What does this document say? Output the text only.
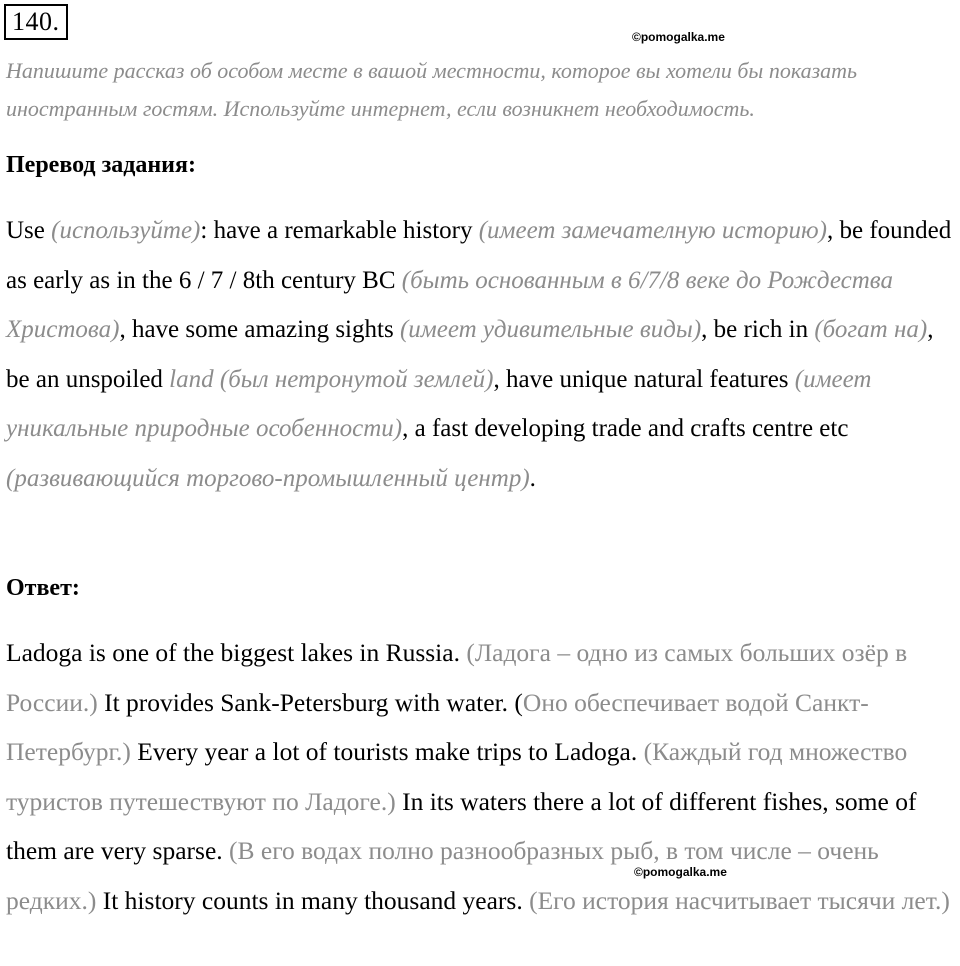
140.
©pomogalka.me

Напишите рассказ об особом месте в вашой местности, которое вы хотели бы показать иностранным гостям. Используйте интернет, если возникнет необходимость.

Перевод задания:

Use (используйте): have a remarkable history (имеет замечателную историю), be founded as early as in the 6 / 7 / 8th century BC (быть основанным в 6/7/8 веке до Рождества Христова), have some amazing sights (имеет удивительные виды), be rich in (богат на), be an unspoiled land (был нетронутой землей), have unique natural features (имеет уникальные природные особенности), a fast developing trade and crafts centre etc (развивающийся торгово-промышленный центр).

Ответ:

Ladoga is one of the biggest lakes in Russia. (Ладога – одно из самых больших озёр в России.) It provides Sank-Petersburg with water. (Оно обеспечивает водой Санкт-Петербург.) Every year a lot of tourists make trips to Ladoga. (Каждый год множество туристов путешествуют по Ладоге.) In its waters there a lot of different fishes, some of them are very sparse. (В его водах полно разнообразных рыб, в том числе – очень редких.) It history counts in many thousand years. (Его история насчитывает тысячи лет.)

©pomogalka.me
